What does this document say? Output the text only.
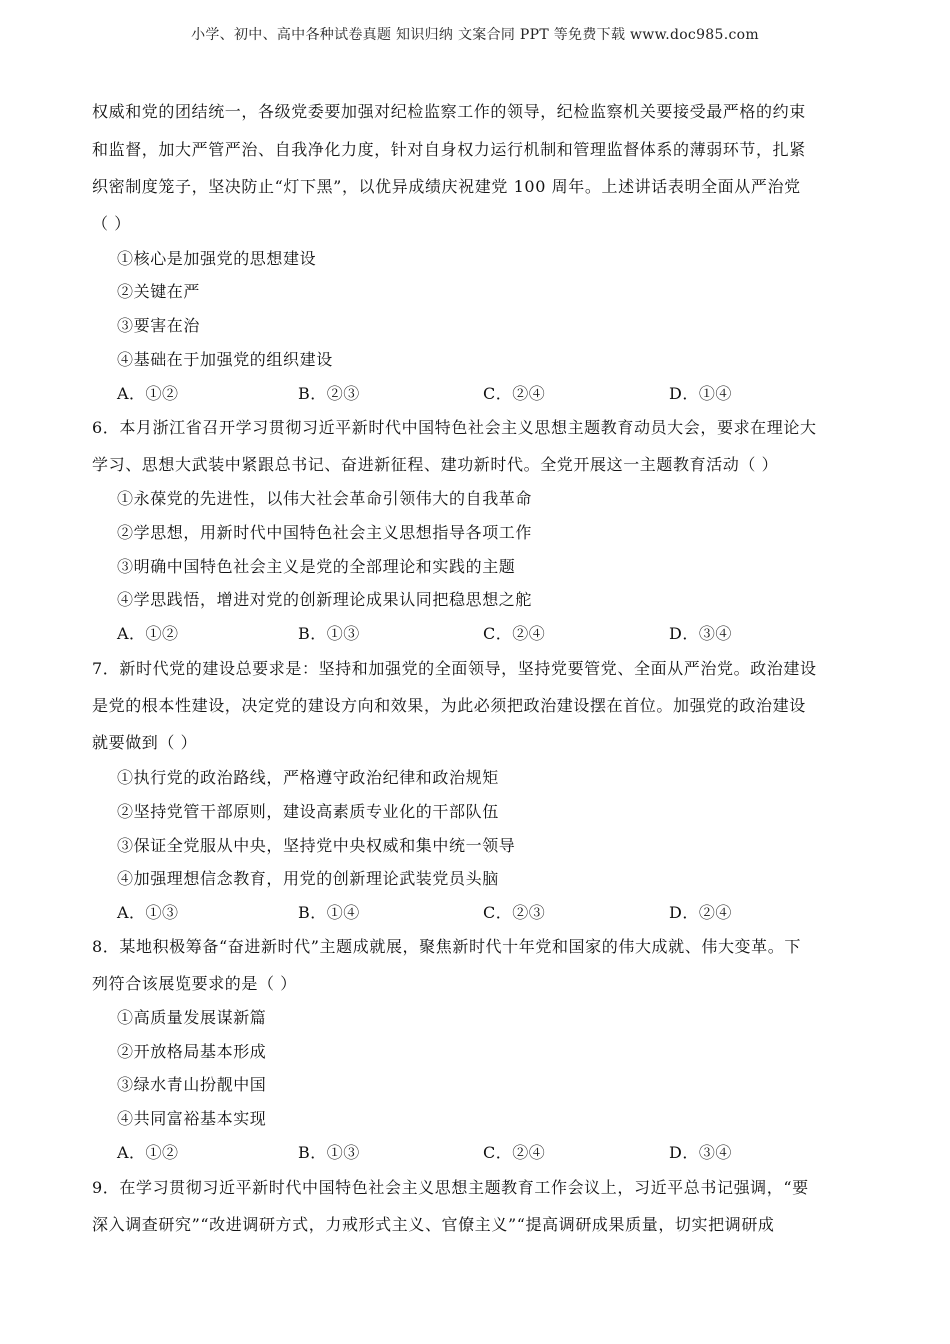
小学、初中、高中各种试卷真题 知识归纳 文案合同 PPT 等免费下载 www.doc985.com
权威和党的团结统一，各级党委要加强对纪检监察工作的领导，纪检监察机关要接受最严格的约束
和监督，加大严管严治、自我净化力度，针对自身权力运行机制和管理监督体系的薄弱环节，扎紧
织密制度笼子，坚决防止“灯下黑”，以优异成绩庆祝建党 100 周年。上述讲话表明全面从严治党
（ ）
①核心是加强党的思想建设
②关键在严
③要害在治
④基础在于加强党的组织建设
A．①②	B．②③	C．②④	D．①④
6．本月浙江省召开学习贯彻习近平新时代中国特色社会主义思想主题教育动员大会，要求在理论大
学习、思想大武装中紧跟总书记、奋进新征程、建功新时代。全党开展这一主题教育活动（ ）
①永葆党的先进性，以伟大社会革命引领伟大的自我革命
②学思想，用新时代中国特色社会主义思想指导各项工作
③明确中国特色社会主义是党的全部理论和实践的主题
④学思践悟，增进对党的创新理论成果认同把稳思想之舵
A．①②	B．①③	C．②④	D．③④
7．新时代党的建设总要求是：坚持和加强党的全面领导，坚持党要管党、全面从严治党。政治建设
是党的根本性建设，决定党的建设方向和效果，为此必须把政治建设摆在首位。加强党的政治建设
就要做到（ ）
①执行党的政治路线，严格遵守政治纪律和政治规矩
②坚持党管干部原则，建设高素质专业化的干部队伍
③保证全党服从中央，坚持党中央权威和集中统一领导
④加强理想信念教育，用党的创新理论武装党员头脑
A．①③	B．①④	C．②③	D．②④
8．某地积极筹备“奋进新时代”主题成就展，聚焦新时代十年党和国家的伟大成就、伟大变革。下
列符合该展览要求的是（ ）
①高质量发展谋新篇
②开放格局基本形成
③绿水青山扮靓中国
④共同富裕基本实现
A．①②	B．①③	C．②④	D．③④
9．在学习贯彻习近平新时代中国特色社会主义思想主题教育工作会议上，习近平总书记强调，“要
深入调查研究”“改进调研方式，力戒形式主义、官僚主义”“提高调研成果质量，切实把调研成
